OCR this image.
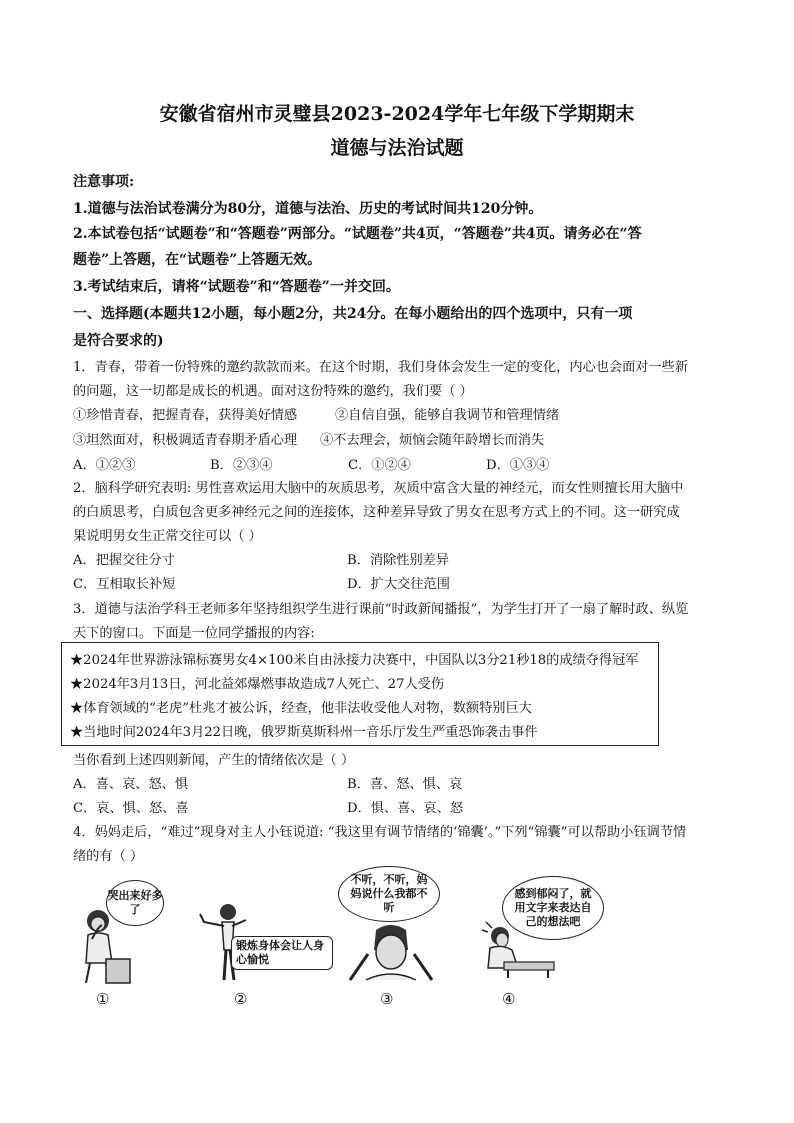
安徽省宿州市灵璧县2023-2024学年七年级下学期期末
道德与法治试题
注意事项:
1.道德与法治试卷满分为80分，道德与法治、历史的考试时间共120分钟。
2.本试卷包括“试题卷”和“答题卷”两部分。“试题卷”共4页，“答题卷”共4页。请务必在“答
题卷”上答题，在“试题卷”上答题无效。
3.考试结束后，请将“试题卷”和“答题卷”一并交回。
一、选择题(本题共12小题，每小题2分，共24分。在每小题给出的四个选项中，只有一项
是符合要求的)
1．青春，带着一份特殊的邀约款款而来。在这个时期，我们身体会发生一定的变化，内心也会面对一些新
的问题，这一切都是成长的机遇。面对这份特殊的邀约，我们要（ ）
①珍惜青春，把握青春，获得美好情感	②自信自强，能够自我调节和管理情绪
③坦然面对，积极调适青春期矛盾心理 ④不去理会，烦恼会随年龄增长而消失
A．①②③	B．②③④	C．①②④	D．①③④
2．脑科学研究表明: 男性喜欢运用大脑中的灰质思考，灰质中富含大量的神经元，而女性则擅长用大脑中
的白质思考，白质包含更多神经元之间的连接体，这种差异导致了男女在思考方式上的不同。这一研究成
果说明男女生正常交往可以（ ）
A．把握交往分寸	B．消除性别差异
C．互相取长补短	D．扩大交往范围
3．道德与法治学科王老师多年坚持组织学生进行课前“时政新闻播报”，为学生打开了一扇了解时政、纵览
天下的窗口。下面是一位同学播报的内容:
★2024年世界游泳锦标赛男女4×100米自由泳接力决赛中，中国队以3分21秒18的成绩夺得冠军
★2024年3月13日，河北益郊爆燃事故造成7人死亡、27人受伤
★体育领域的“老虎”杜兆才被公诉，经查，他非法收受他人对物，数额特别巨大
★当地时间2024年3月22日晚，俄罗斯莫斯科州一音乐厅发生严重恐饰袭击事件
当你看到上述四则新闻，产生的情绪依次是（ ）
A．喜、哀、怒、惧	B．喜、怒、惧、哀
C．哀、惧、怒、喜	D．惧、喜、哀、怒
4．妈妈走后，“难过”现身对主人小钰说道: “我这里有调节情绪的‘锦囊’。”下列“锦囊”可以帮助小钰调节情
绪的有（ ）
哭出来好多了
①
锻炼身体会让人身心愉悦
②
不听，不听，妈妈说什么我都不听
③
感到郁闷了，就用文字来表达自己的想法吧
④
